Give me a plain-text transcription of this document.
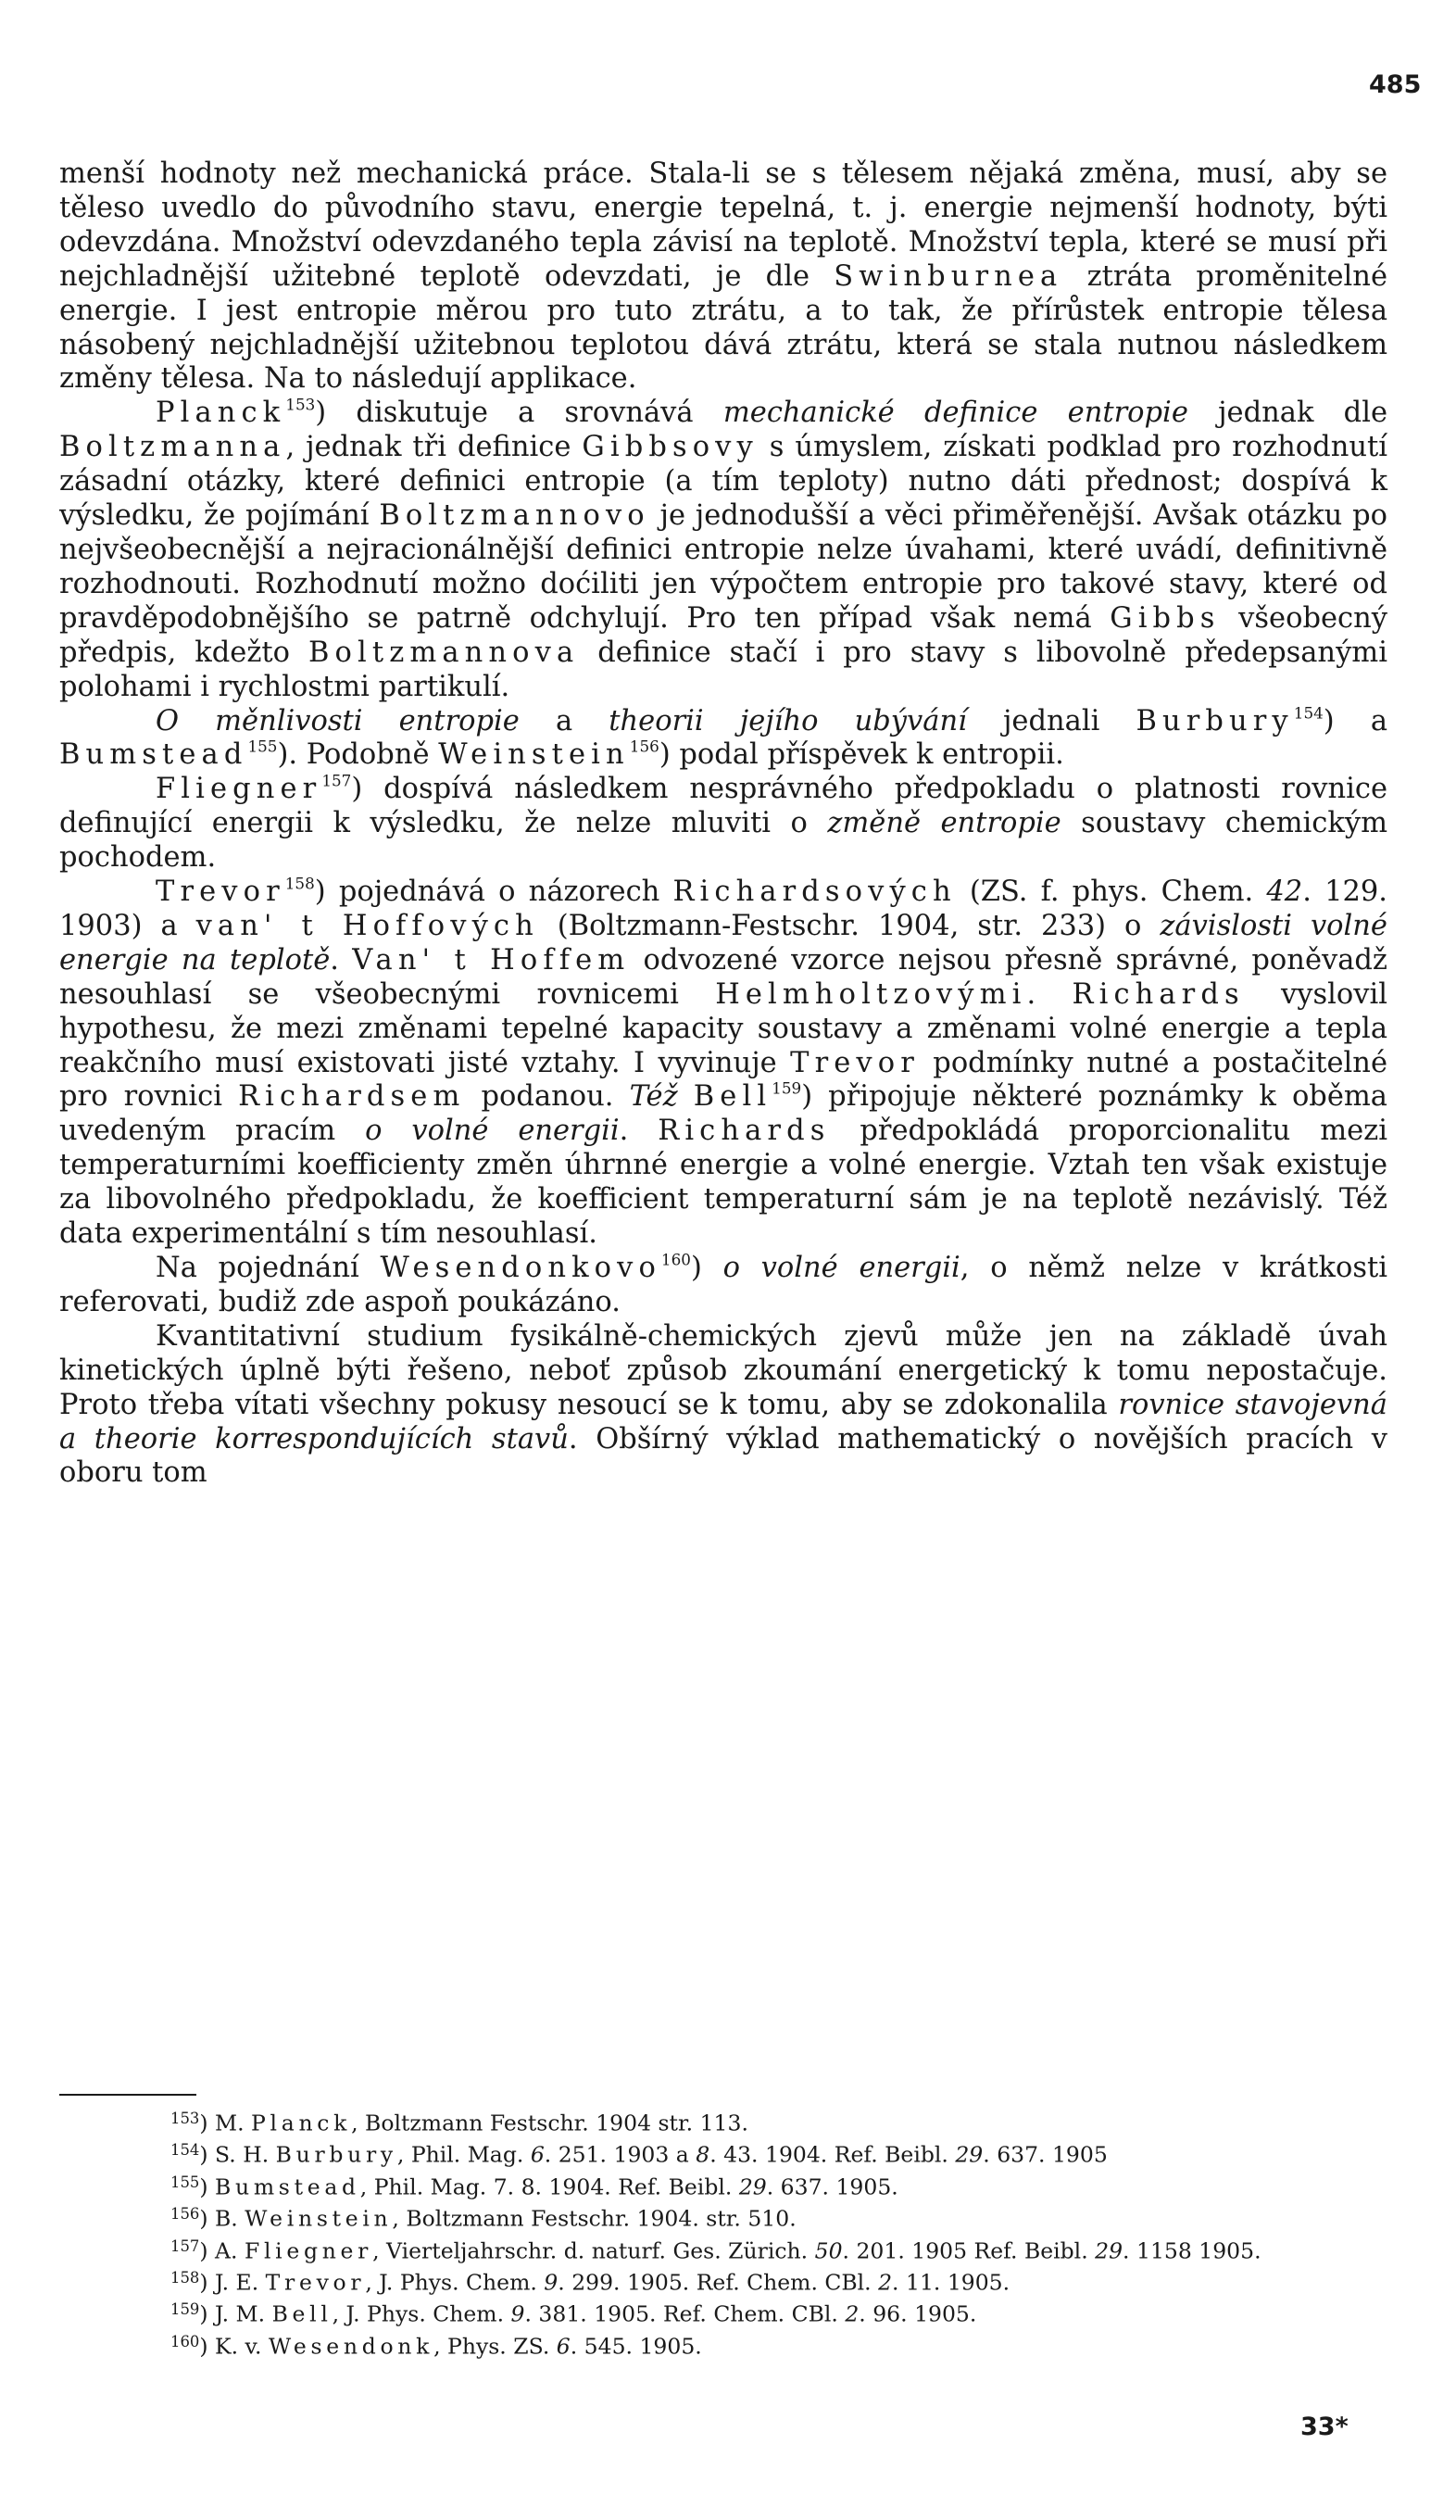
485

menší hodnoty než mechanická práce. Stala-li se s tělesem nějaká změna, musí, aby se těleso uvedlo do původního stavu, energie tepelná, t. j. energie nejmenší hodnoty, býti odevzdána. Množství odevzdaného tepla závisí na teplotě. Množství tepla, které se musí při nejchladnější užitebné teplotě odevzdati, je dle Swinburnea ztráta proměnitelné energie. I jest entropie měrou pro tuto ztrátu, a to tak, že přírůstek entropie tělesa násobený nejchladnější užitebnou teplotou dává ztrátu, která se stala nutnou následkem změny tělesa. Na to následují applikace.

Planck$^{153}$) diskutuje a srovnává mechanické definice entropie jednak dle Boltzmanna, jednak tři definice Gibbsovy s úmyslem, získati podklad pro rozhodnutí zásadní otázky, které definici entropie (a tím teploty) nutno dáti přednost; dospívá k výsledku, že pojímání Boltzmannovo je jednodušší a věci přiměřenější. Avšak otázku po nejvšeobecnější a nejracionálnější definici entropie nelze úvahami, které uvádí, definitivně rozhodnouti. Rozhodnutí možno doćiliti jen výpočtem entropie pro takové stavy, které od pravděpodobnějšího se patrně odchylují. Pro ten případ však nemá Gibbs všeobecný předpis, kdežto Boltzmannova definice stačí i pro stavy s libovolně předepsanými polohami i rychlostmi partikulí.

O měnlivosti entropie a theorii jejího ubývání jednali Burbury$^{154}$) a Bumstead$^{155}$). Podobně Weinstein$^{156}$) podal příspěvek k entropii.

Fliegner$^{157}$) dospívá následkem nesprávného předpokladu o platnosti rovnice definující energii k výsledku, že nelze mluviti o změně entropie soustavy chemickým pochodem.

Trevor$^{158}$) pojednává o názorech Richardsových (ZS. f. phys. Chem. 42. 129. 1903) a van' t Hoffových (Boltzmann-Festschr. 1904, str. 233) o závislosti volné energie na teplotě. Van' t Hoffem odvozené vzorce nejsou přesně správné, poněvadž nesouhlasí se všeobecnými rovnicemi Helmholtzovými. Richards vyslovil hypothesu, že mezi změnami tepelné kapacity soustavy a změnami volné energie a tepla reakčního musí existovati jisté vztahy. I vyvinuje Trevor podmínky nutné a postačitelné pro rovnici Richardsem podanou. Též Bell$^{159}$) připojuje některé poznámky k oběma uvedeným pracím o volné energii. Richards předpokládá proporcionalitu mezi temperaturními koefficienty změn úhrnné energie a volné energie. Vztah ten však existuje za libovolného předpokladu, že koefficient temperaturní sám je na teplotě nezávislý. Též data experimentální s tím nesouhlasí.

Na pojednání Wesendonkovo$^{160}$) o volné energii, o němž nelze v krátkosti referovati, budiž zde aspoň poukázáno.

Kvantitativní studium fysikálně-chemických zjevů může jen na základě úvah kinetických úplně býti řešeno, neboť způsob zkoumání energetický k tomu nepostačuje. Proto třeba vítati všechny pokusy nesoucí se k tomu, aby se zdokonalila rovnice stavojevná a theorie korrespondujících stavů. Obšírný výklad mathematický o novějších pracích v oboru tom

$^{153}$) M. Planck, Boltzmann Festschr. 1904 str. 113.
$^{154}$) S. H. Burbury, Phil. Mag. 6. 251. 1903 a 8. 43. 1904. Ref. Beibl. 29. 637. 1905
$^{155}$) Bumstead, Phil. Mag. 7. 8. 1904. Ref. Beibl. 29. 637. 1905.
$^{156}$) B. Weinstein, Boltzmann Festschr. 1904. str. 510.
$^{157}$) A. Fliegner, Vierteljahrschr. d. naturf. Ges. Zürich. 50. 201. 1905 Ref. Beibl. 29. 1158 1905.
$^{158}$) J. E. Trevor, J. Phys. Chem. 9. 299. 1905. Ref. Chem. CBl. 2. 11. 1905.
$^{159}$) J. M. Bell, J. Phys. Chem. 9. 381. 1905. Ref. Chem. CBl. 2. 96. 1905.
$^{160}$) K. v. Wesendonk, Phys. ZS. 6. 545. 1905.
33*
